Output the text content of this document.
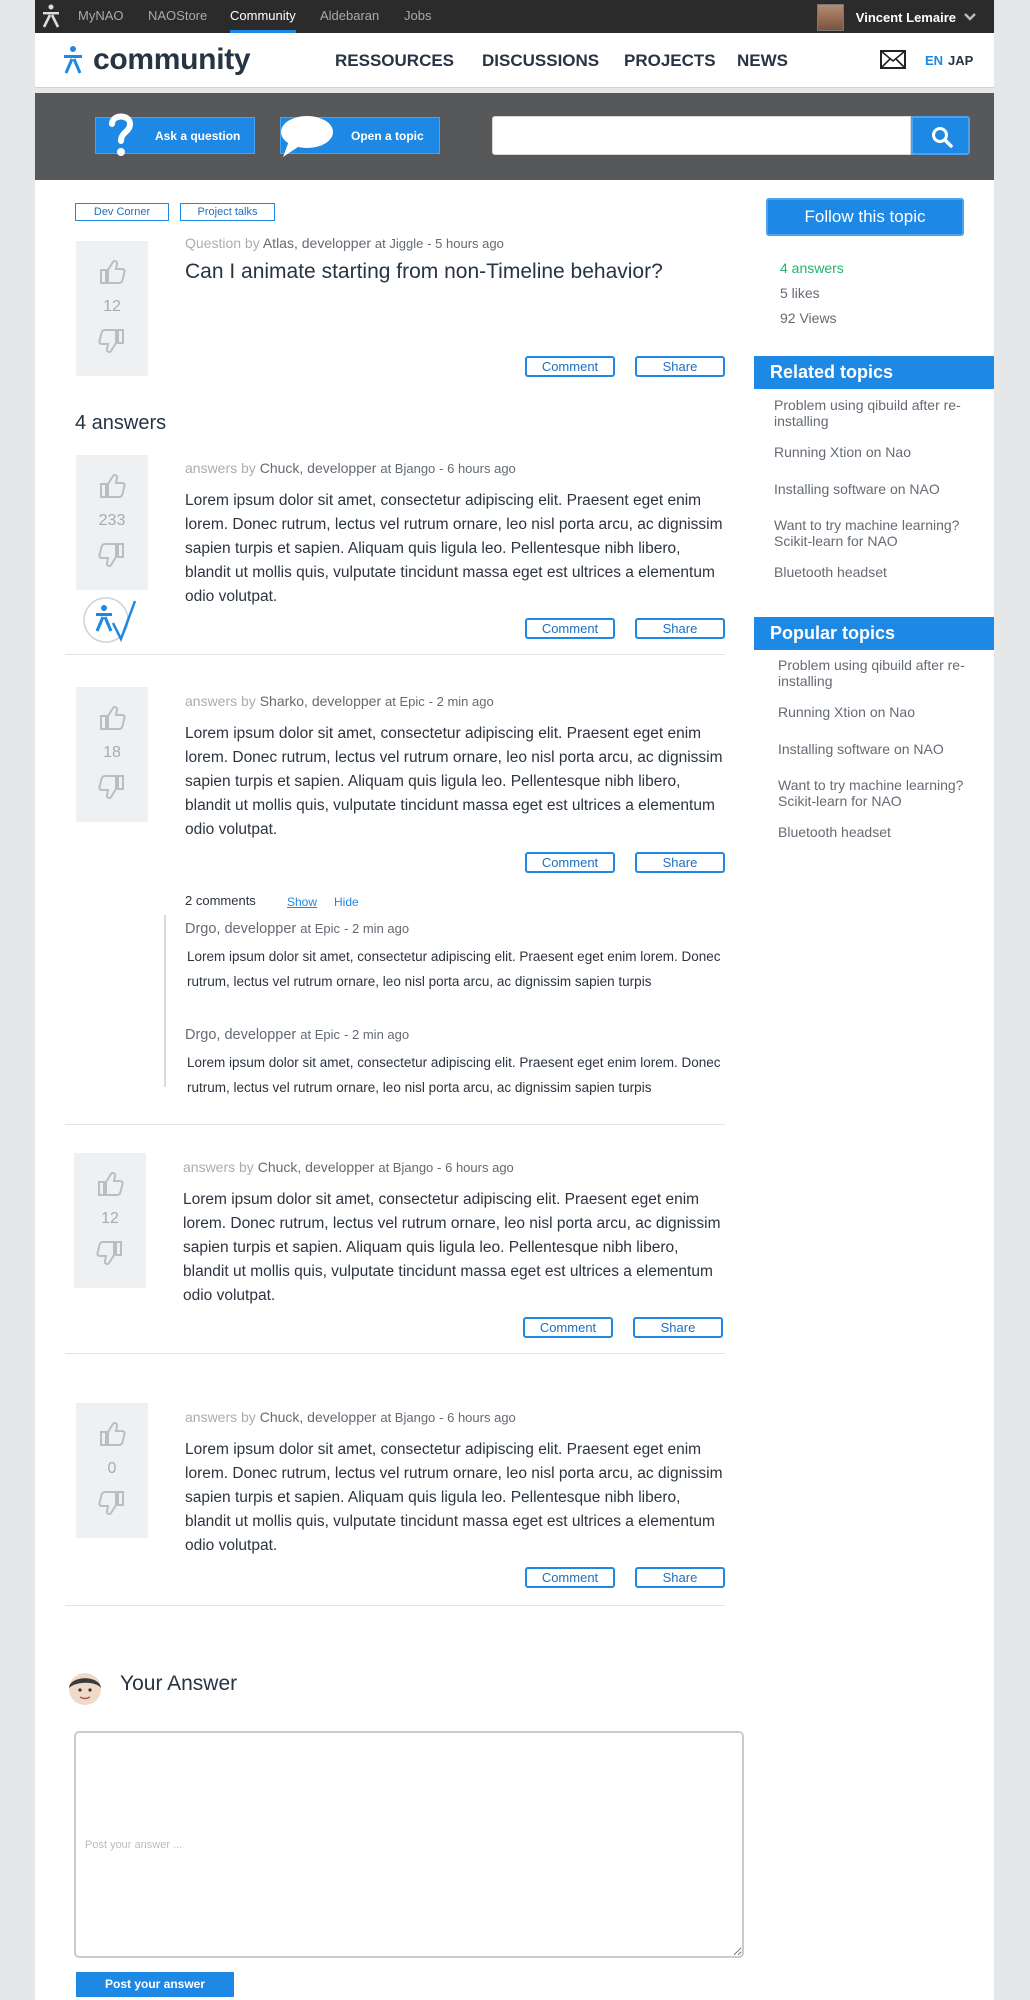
MyNAO NAOStore Community Aldebaran Jobs	Vincent Lemaire
community	RESSOURCES DISCUSSIONS PROJECTS NEWS	EN JAP
Ask a question	Open a topic
Dev Corner	Project talks
12
Question by Atlas, developper at Jiggle - 5 hours ago
Can I animate starting from non-Timeline behavior?
Comment	Share
4 answers
233
answers by Chuck, developper at Bjango - 6 hours ago
Lorem ipsum dolor sit amet, consectetur adipiscing elit. Praesent eget enim lorem. Donec rutrum, lectus vel rutrum ornare, leo nisl porta arcu, ac dignissim sapien turpis et sapien. Aliquam quis ligula leo. Pellentesque nibh libero, blandit ut mollis quis, vulputate tincidunt massa eget est ultrices a elementum odio volutpat.
Comment	Share
18
answers by Sharko, developper at Epic - 2 min ago
Lorem ipsum dolor sit amet, consectetur adipiscing elit. Praesent eget enim lorem. Donec rutrum, lectus vel rutrum ornare, leo nisl porta arcu, ac dignissim sapien turpis et sapien. Aliquam quis ligula leo. Pellentesque nibh libero, blandit ut mollis quis, vulputate tincidunt massa eget est ultrices a elementum odio volutpat.
Comment	Share
2 comments	Show Hide
Drgo, developper at Epic - 2 min ago
Lorem ipsum dolor sit amet, consectetur adipiscing elit. Praesent eget enim lorem. Donec rutrum, lectus vel rutrum ornare, leo nisl porta arcu, ac dignissim sapien turpis
Drgo, developper at Epic - 2 min ago
Lorem ipsum dolor sit amet, consectetur adipiscing elit. Praesent eget enim lorem. Donec rutrum, lectus vel rutrum ornare, leo nisl porta arcu, ac dignissim sapien turpis
12
answers by Chuck, developper at Bjango - 6 hours ago
Lorem ipsum dolor sit amet, consectetur adipiscing elit. Praesent eget enim lorem. Donec rutrum, lectus vel rutrum ornare, leo nisl porta arcu, ac dignissim sapien turpis et sapien. Aliquam quis ligula leo. Pellentesque nibh libero, blandit ut mollis quis, vulputate tincidunt massa eget est ultrices a elementum odio volutpat.
Comment	Share
0
answers by Chuck, developper at Bjango - 6 hours ago
Lorem ipsum dolor sit amet, consectetur adipiscing elit. Praesent eget enim lorem. Donec rutrum, lectus vel rutrum ornare, leo nisl porta arcu, ac dignissim sapien turpis et sapien. Aliquam quis ligula leo. Pellentesque nibh libero, blandit ut mollis quis, vulputate tincidunt massa eget est ultrices a elementum odio volutpat.
Comment	Share
Follow this topic
4 answers
5 likes
92 Views
Related topics
Problem using qibuild after re-installing
Running Xtion on Nao
Installing software on NAO
Want to try machine learning? Scikit-learn for NAO
Bluetooth headset
Popular topics
Problem using qibuild after re-installing
Running Xtion on Nao
Installing software on NAO
Want to try machine learning? Scikit-learn for NAO
Bluetooth headset
Your Answer
Post your answer ...
Post your answer
